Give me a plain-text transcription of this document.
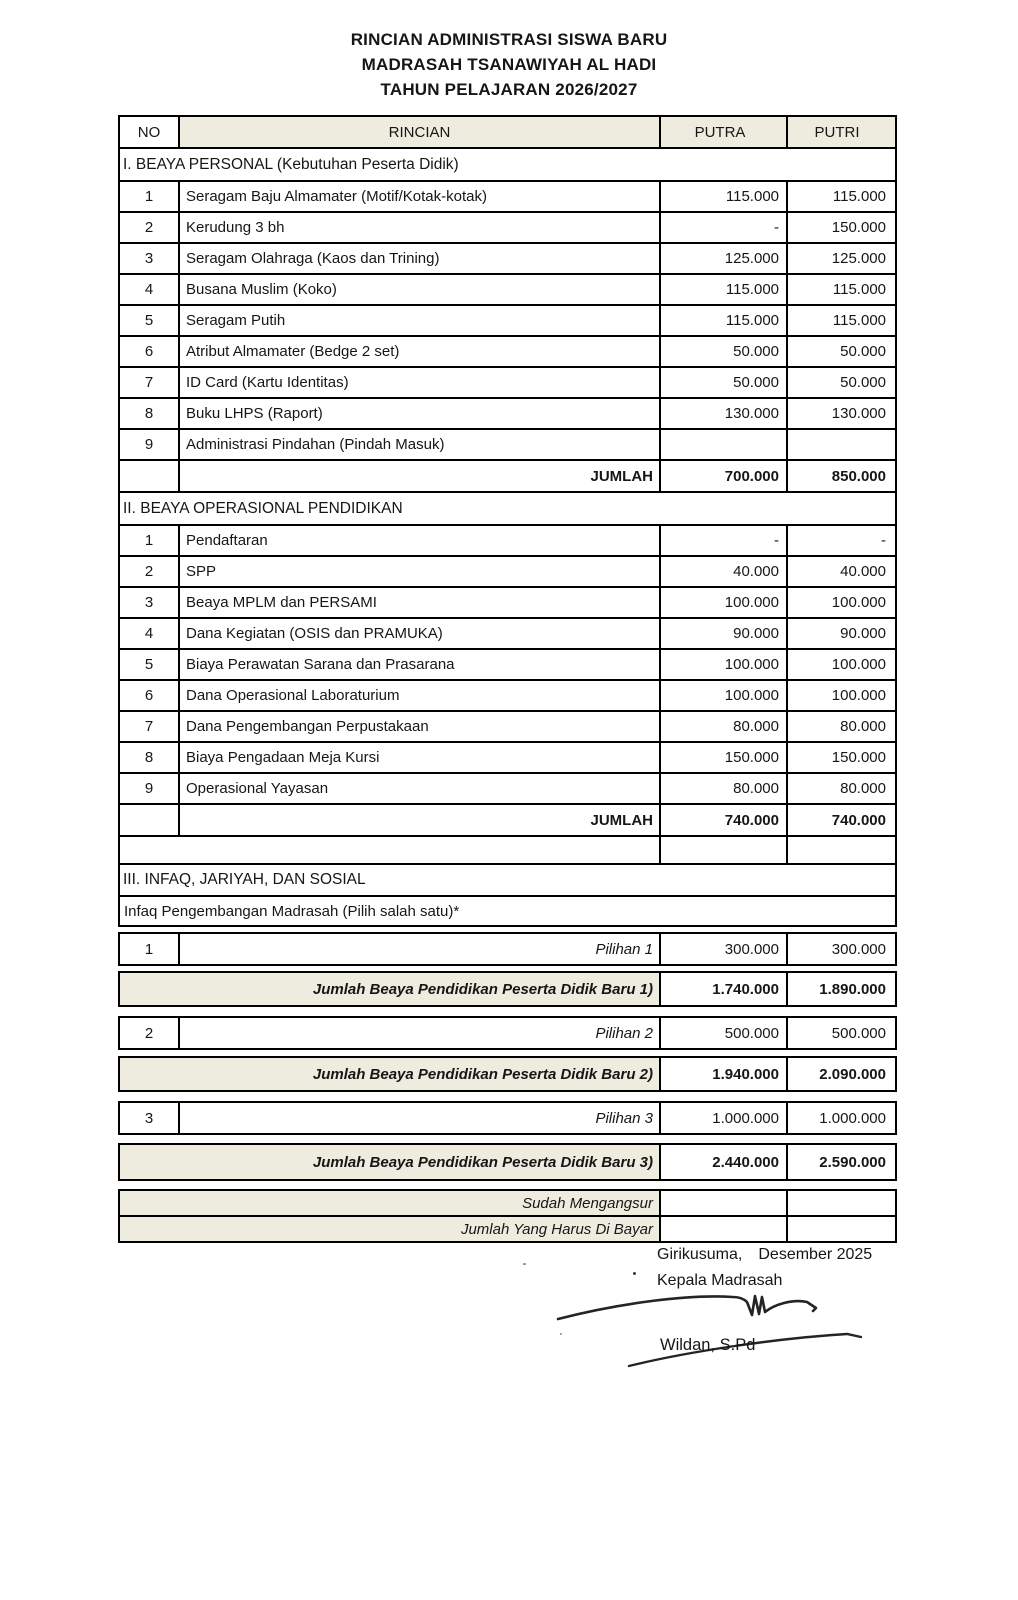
RINCIAN ADMINISTRASI SISWA BARU
MADRASAH TSANAWIYAH AL HADI
TAHUN PELAJARAN 2026/2027
NO	RINCIAN	PUTRA	PUTRI
I. BEAYA PERSONAL (Kebutuhan Peserta Didik)
1	Seragam Baju Almamater (Motif/Kotak-kotak)	115.000	115.000
2	Kerudung 3 bh	-	150.000
3	Seragam Olahraga (Kaos dan Trining)	125.000	125.000
4	Busana Muslim (Koko)	115.000	115.000
5	Seragam Putih	115.000	115.000
6	Atribut Almamater (Bedge 2 set)	50.000	50.000
7	ID Card (Kartu Identitas)	50.000	50.000
8	Buku LHPS (Raport)	130.000	130.000
9	Administrasi Pindahan (Pindah Masuk)
JUMLAH	700.000	850.000
II. BEAYA OPERASIONAL PENDIDIKAN
1	Pendaftaran	-	-
2	SPP	40.000	40.000
3	Beaya MPLM dan PERSAMI	100.000	100.000
4	Dana Kegiatan (OSIS dan PRAMUKA)	90.000	90.000
5	Biaya Perawatan Sarana dan Prasarana	100.000	100.000
6	Dana Operasional Laboraturium	100.000	100.000
7	Dana Pengembangan Perpustakaan	80.000	80.000
8	Biaya Pengadaan Meja Kursi	150.000	150.000
9	Operasional Yayasan	80.000	80.000
JUMLAH	740.000	740.000
III. INFAQ, JARIYAH, DAN SOSIAL
Infaq Pengembangan Madrasah (Pilih salah satu)*
1	Pilihan 1	300.000	300.000
Jumlah Beaya Pendidikan Peserta Didik Baru 1)	1.740.000	1.890.000
2	Pilihan 2	500.000	500.000
Jumlah Beaya Pendidikan Peserta Didik Baru 2)	1.940.000	2.090.000
3	Pilihan 3	1.000.000	1.000.000
Jumlah Beaya Pendidikan Peserta Didik Baru 3)	2.440.000	2.590.000
Sudah Mengangsur
Jumlah Yang Harus Di Bayar
Girikusuma, Desember 2025
Kepala Madrasah
Wildan, S.Pd
